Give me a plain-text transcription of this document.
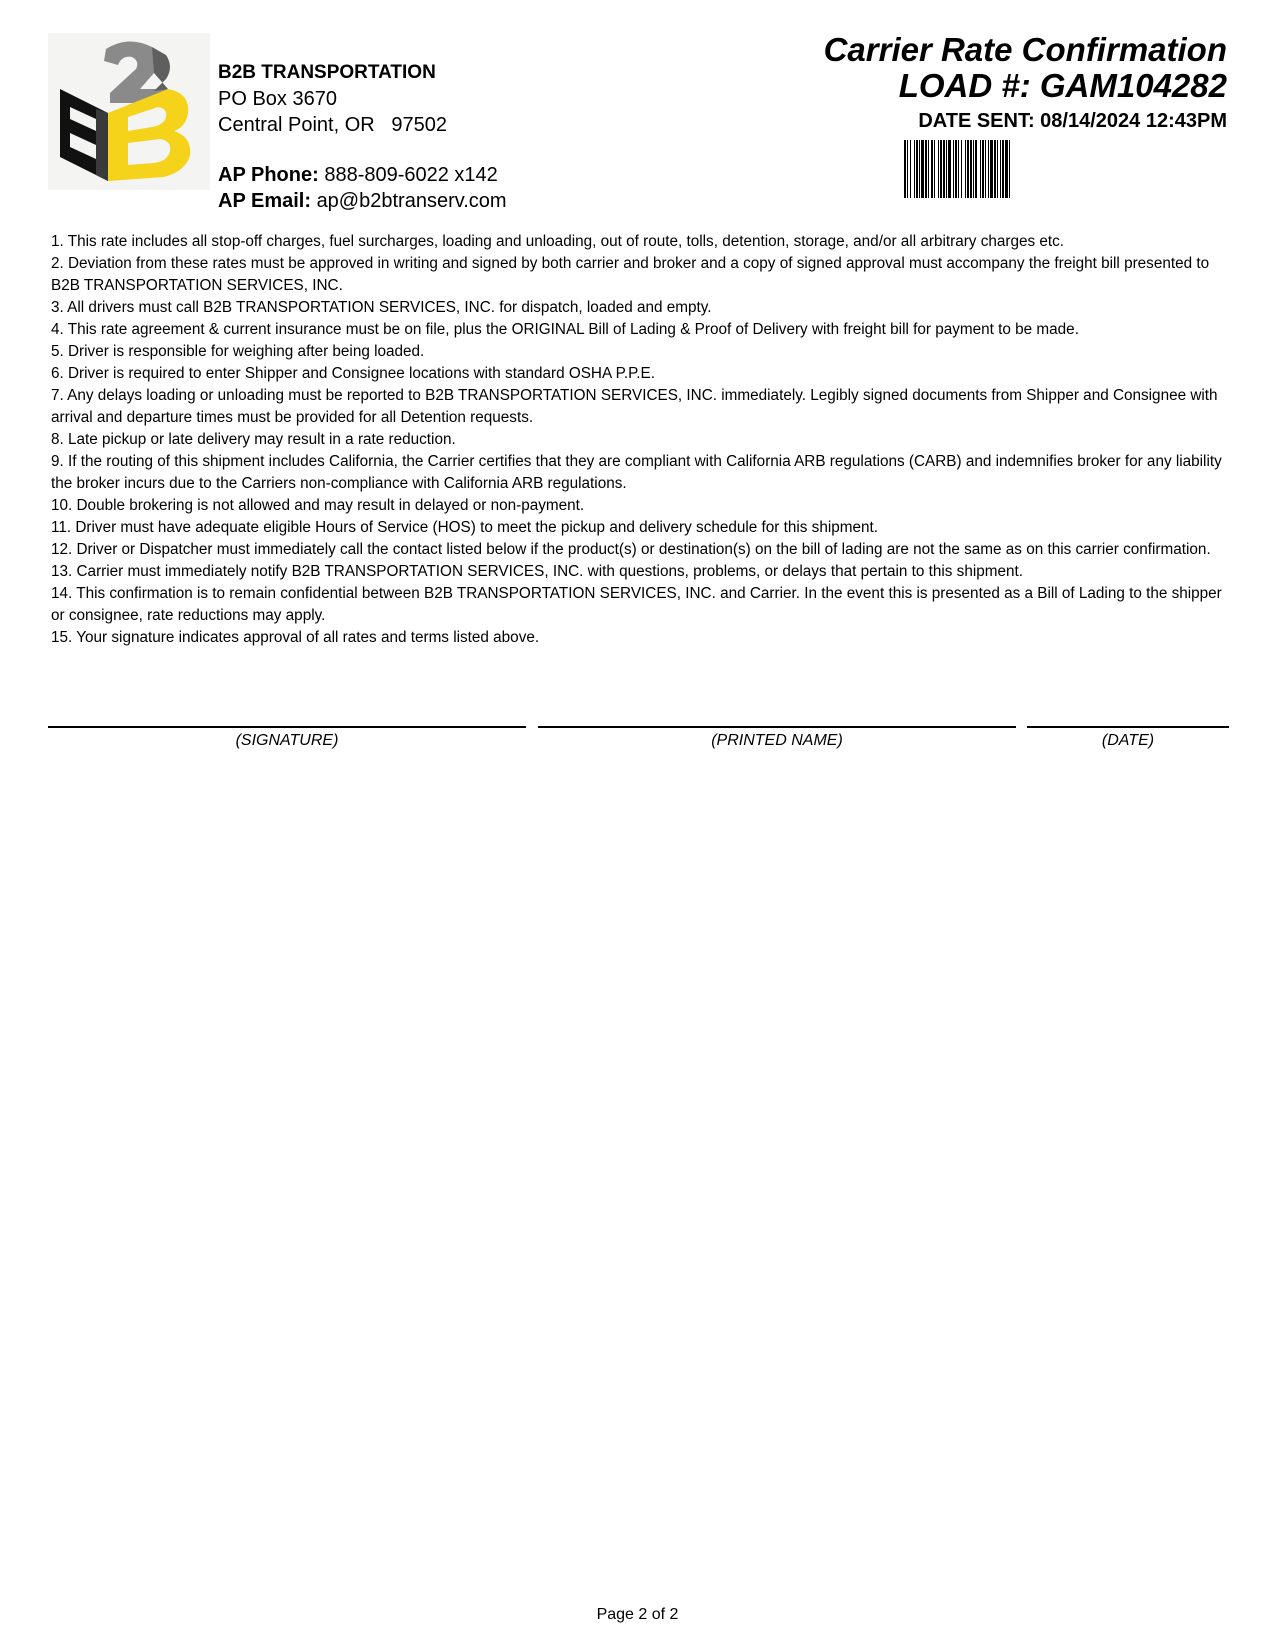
B2B TRANSPORTATION
PO Box 3670
Central Point, OR   97502
AP Phone: 888-809-6022 x142
AP Email: ap@b2btranserv.com
Carrier Rate Confirmation
LOAD #: GAM104282
DATE SENT: 08/14/2024 12:43PM
1. This rate includes all stop-off charges, fuel surcharges, loading and unloading, out of route, tolls, detention, storage, and/or all arbitrary charges etc.
2. Deviation from these rates must be approved in writing and signed by both carrier and broker and a copy of signed approval must accompany the freight bill presented to B2B TRANSPORTATION SERVICES, INC.
3. All drivers must call B2B TRANSPORTATION SERVICES, INC. for dispatch, loaded and empty.
4. This rate agreement & current insurance must be on file, plus the ORIGINAL Bill of Lading & Proof of Delivery with freight bill for payment to be made.
5. Driver is responsible for weighing after being loaded.
6. Driver is required to enter Shipper and Consignee locations with standard OSHA P.P.E.
7. Any delays loading or unloading must be reported to B2B TRANSPORTATION SERVICES, INC. immediately. Legibly signed documents from Shipper and Consignee with arrival and departure times must be provided for all Detention requests.
8. Late pickup or late delivery may result in a rate reduction.
9. If the routing of this shipment includes California, the Carrier certifies that they are compliant with California ARB regulations (CARB) and indemnifies broker for any liability the broker incurs due to the Carriers non-compliance with California ARB regulations.
10. Double brokering is not allowed and may result in delayed or non-payment.
11. Driver must have adequate eligible Hours of Service (HOS) to meet the pickup and delivery schedule for this shipment.
12. Driver or Dispatcher must immediately call the contact listed below if the product(s) or destination(s) on the bill of lading are not the same as on this carrier confirmation.
13. Carrier must immediately notify B2B TRANSPORTATION SERVICES, INC. with questions, problems, or delays that pertain to this shipment.
14. This confirmation is to remain confidential between B2B TRANSPORTATION SERVICES, INC. and Carrier. In the event this is presented as a Bill of Lading to the shipper or consignee, rate reductions may apply.
15. Your signature indicates approval of all rates and terms listed above.
(SIGNATURE)	(PRINTED NAME)	(DATE)
Page 2 of 2
